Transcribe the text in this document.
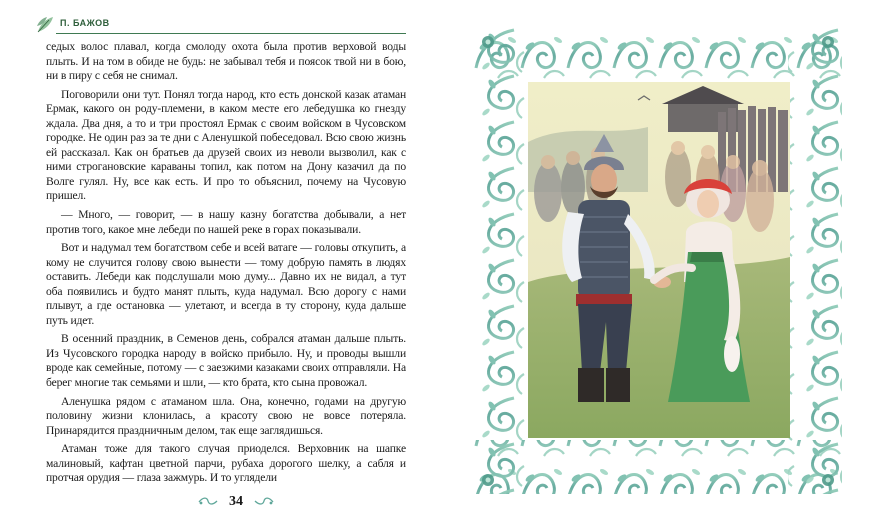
П. БАЖОВ

седых волос плавал, когда смолоду охота была против верховой воды плыть. И на том в обиде не будь: не забывал тебя и поясок твой ни в бою, ни в пиру с себя не снимал.

Поговорили они тут. Понял тогда народ, кто есть донской казак атаман Ермак, какого он роду-племени, в каком месте его лебедушка ко гнезду ждала. Два дня, а то и три простоял Ермак с своим войском в Чусовском городке. Не один раз за те дни с Аленушкой побеседовал. Всю свою жизнь ей рассказал. Как он братьев да друзей своих из неволи вызволил, как с ними строгановские караваны топил, как потом на Дону казачил да по Волге гулял. Ну, все как есть. И про то объяснил, почему на Чусовую пришел.

— Много, — говорит, — в нашу казну богатства добывали, а нет против того, какое мне лебеди по нашей реке в горах показывали.

Вот и надумал тем богатством себе и всей ватаге — головы откупить, а кому не случится голову свою вынести — тому добрую память в людях оставить. Лебеди как подслушали мою думу... Давно их не видал, а тут оба появились и будто манят плыть, куда надумал. Всю дорогу с нами плывут, а где остановка — улетают, и всегда в ту сторону, куда дальше путь идет.

В осенний праздник, в Семенов день, собрался атаман дальше плыть. Из Чусовского городка народу в войско прибыло. Ну, и проводы вышли вроде как семейные, потому — с заезжими казаками своих отправляли. На берег многие так семьями и шли, — кто брата, кто сына провожал.

Аленушка рядом с атаманом шла. Она, конечно, годами на другую половину жизни клонилась, а красоту свою не вовсе потеряла. Принарядится праздничным делом, так еще заглядишься.

Атаман тоже для такого случая приоделся. Верховник на шапке малиновый, кафтан цветной парчи, рубаха дорогого шелку, а сабля и протчая орудия — глаза зажмурь. И то углядели

34
